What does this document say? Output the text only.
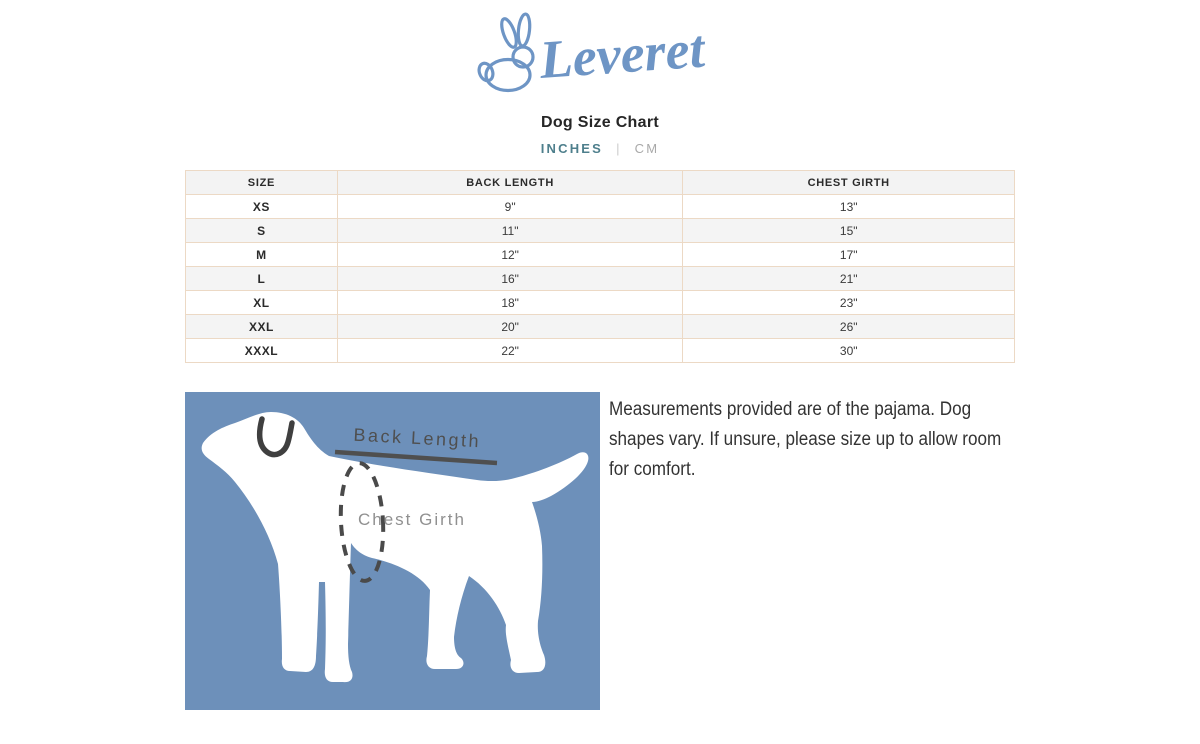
Leveret
Dog Size Chart
INCHES | CM
SIZE	BACK LENGTH	CHEST GIRTH
XS	9"	13"
S	11"	15"
M	12"	17"
L	16"	21"
XL	18"	23"
XXL	20"	26"
XXXL	22"	30"
Back Length
Chest Girth
Measurements provided are of the pajama. Dog
shapes vary. If unsure, please size up to allow room
for comfort.
